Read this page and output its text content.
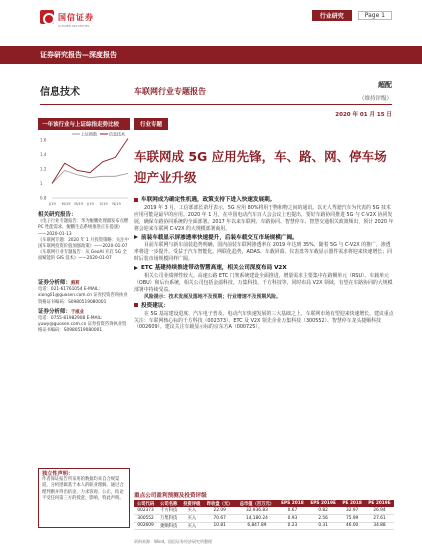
国信证券
GUOSEN SECURITIES
行业研究	Page 1
证券研究报告—深度报告
信息技术	车联网行业专题报告
超配
（维持评级）
2020 年 01 月 15 日
一年该行业与上证综指走势比较
上证指数	信息技术
1.6
1.4
1.2
1
0.8
J/19 M/19 M/19 J/19 S/19 N/19
相关研究报告：
《电子行业专题报告：华为鲲鹏处理器发布点燃 PC 性能需求，鲲鹏生态系统推进正在提速》——2020-01-13
《车联网专题：2020 年 1 月投资策略：关注中国车联网投资价值加强政策》——2020-01-07 《车联网行业专题报告：从 GeoAI 开启 5G 全面赋能的 GIS 技术》——2020-01-07
证券分析师：熊莉
电话：021-61761054 E-MAIL: xiongli1@guosen.com.cn 证券投资咨询执业资格证书编码：S0980519080001
证券分析师：于威业
电话：0755-81982908 E-MAIL: yuwy@guosen.com.cn 证券投资咨询执业资格证书编码：S0980519080001
独立性声明：
作者保证报告所采用的数据均来自合规渠道，分析逻辑基于本人的职业理解，通过合理判断并得出结论，力求客观、公正，结论不受任何第三方的授意、影响，特此声明。
行业专题
车联网成 5G 应用先锋，车、路、网、停车场迎产业升级
车联网成为确定性机遇，政策支持下进入快速发展期。
2019 年 3 月，工信部部长苗圩表示，5G 应用 80%将用于物和物之间的通讯。以无人驾驶汽车为代表的 5G 技术应用可能是最早的应用。2020 年 1 月，在中国电动汽车百人会会议上也提出，要好车路协同推进 5G 与 C-V2X 协同发展，确保车路协同系统的全面部署。2017 年以来车联网、车路协同、智慧停车、智慧交通相关政策频出，预计 2020 年将会迎来车联网 C-V2X 的大规模部署商用。
前装车载显示屏渗透率快速提升，后装车载交互市场规模广阔。
目前车联网与新车前装趋势明确，国内前装车联网渗透率在 2019 年达到 35%，随着 5G 与 C-V2X 的推广，渗透率将进一步提升。受益于汽车智能化、网联化趋势，ADAS、车载屏幕、仪表盘等车载显示器件需求将迎来快速增长；同时后装市场规模同样广阔。
ETC 基建持续推进带动智慧高速，相关公司深度布局 V2X
相关公司业绩弹性较大。高速公路 ETC 门架系统建设全面推进，增量需求主要集中在路侧单元（RSU）、车载单元（OBU）和后台系统，相关公司包括金溢科技、万集科技、千方科技等，同时布局 V2X 领域，有望在车路协同的大规模部署中持续受益。
风险提示：技术发展及落地不及预期；行业增速不及预期风险。
投资建议：
在 5G 基站建设进度、汽车电子普及、电动汽车快速发展的三大基础之上，车联网市场有望迎来快速增长。建议重点关注：车联网核心标的千方科技（002373）、ETC 及 V2X 领先企业万集科技（300552）、智慧停车龙头捷顺科技（002609），建议关注车载显示标的京东方A（000725）。
重点公司盈利预测及投资评级
公司代码	公司名称	投资评级	昨收盘（元）	总市值（百万元）	EPS 2018	EPS 2019E	PE 2018	PE 2019E
002373	千方科技	买入	22.09	32,936.83	0.67	0.82	32.97	26.94
300552	万集科技	买入	70.67	14,180.24	0.93	2.56	75.99	27.61
002609	捷顺科技	买入	10.81	6,847.89	0.23	0.31	46.00	34.88
资料来源：Wind，国信证券经济研究所整理
